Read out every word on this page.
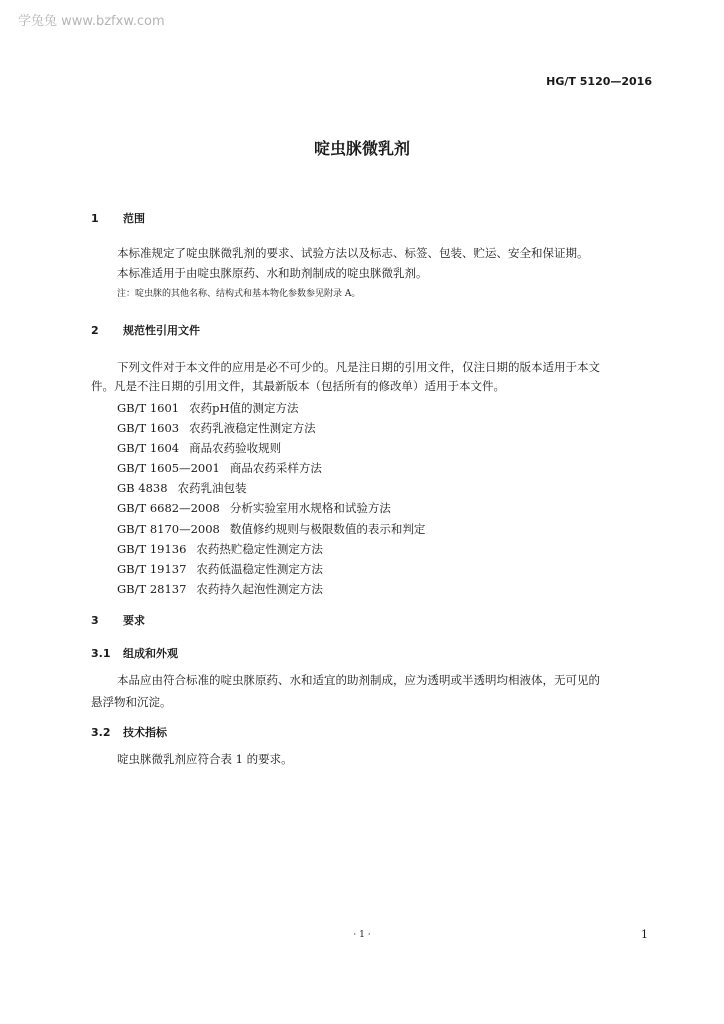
学兔兔 www.bzfxw.com
HG/T 5120—2016
啶虫脒微乳剂
1 范围
本标准规定了啶虫脒微乳剂的要求、试验方法以及标志、标签、包装、贮运、安全和保证期。
本标准适用于由啶虫脒原药、水和助剂制成的啶虫脒微乳剂。
注：啶虫脒的其他名称、结构式和基本物化参数参见附录 A。
2 规范性引用文件
下列文件对于本文件的应用是必不可少的。凡是注日期的引用文件，仅注日期的版本适用于本文
件。凡是不注日期的引用文件，其最新版本（包括所有的修改单）适用于本文件。
GB/T 1601 农药pH值的测定方法
GB/T 1603 农药乳液稳定性测定方法
GB/T 1604 商品农药验收规则
GB/T 1605—2001 商品农药采样方法
GB 4838 农药乳油包装
GB/T 6682—2008 分析实验室用水规格和试验方法
GB/T 8170—2008 数值修约规则与极限数值的表示和判定
GB/T 19136 农药热贮稳定性测定方法
GB/T 19137 农药低温稳定性测定方法
GB/T 28137 农药持久起泡性测定方法
3 要求
3.1 组成和外观
本品应由符合标准的啶虫脒原药、水和适宜的助剂制成，应为透明或半透明均相液体，无可见的
悬浮物和沉淀。
3.2 技术指标
啶虫脒微乳剂应符合表 1 的要求。
· 1 ·	1
